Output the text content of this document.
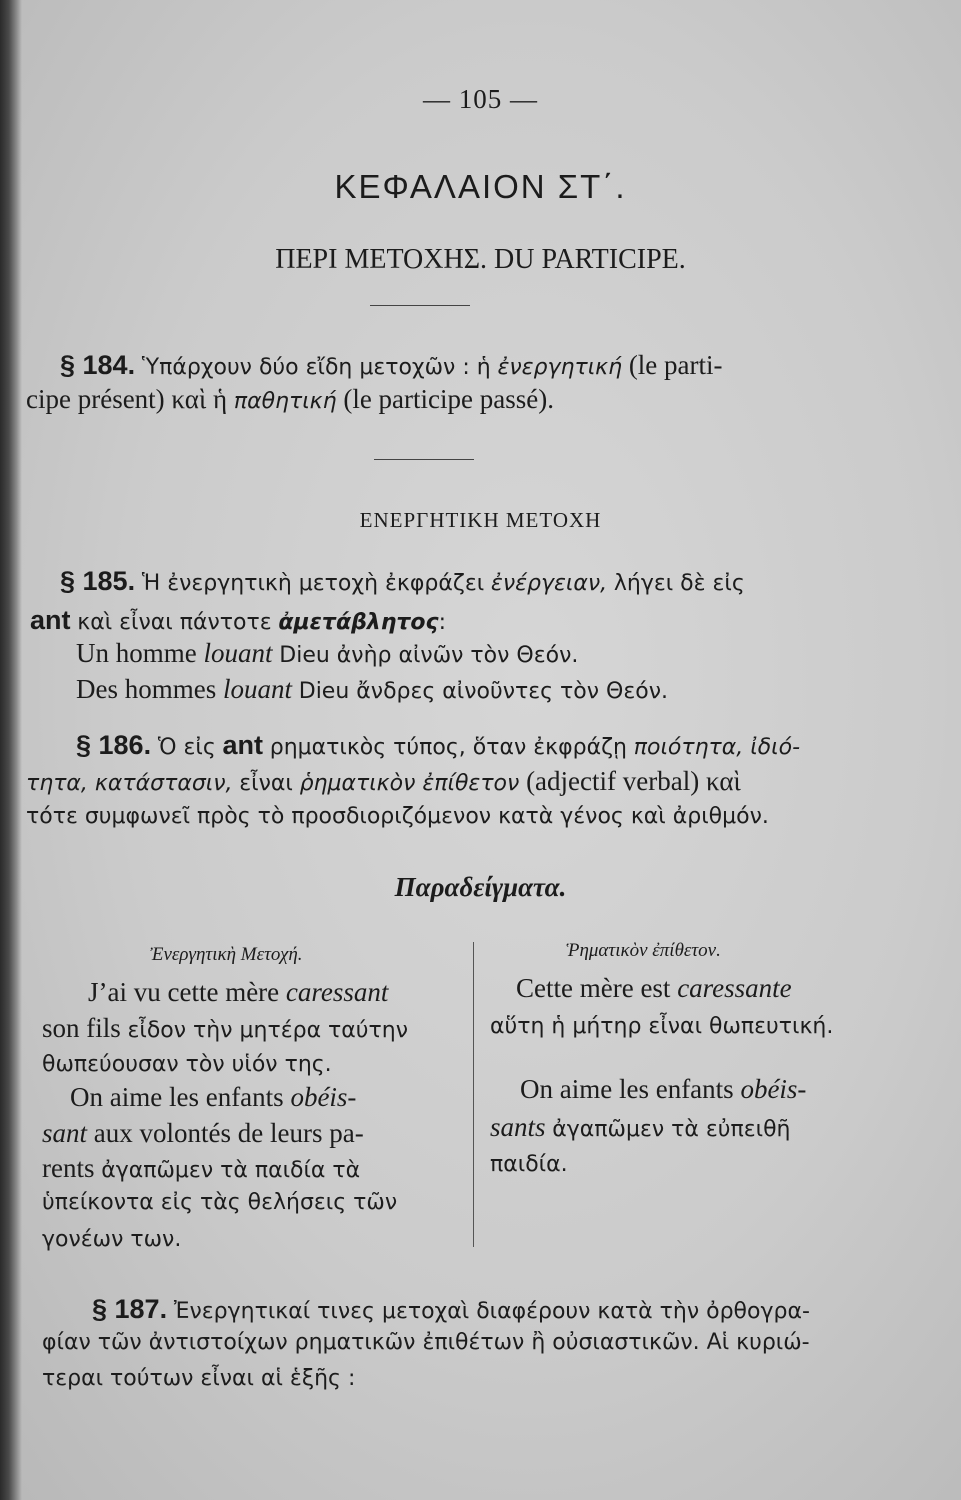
— 105 —
ΚΕΦΑΛΑΙΟΝ ΣΤ΄.
ΠΕΡΙ ΜΕΤΟΧΗΣ. DU PARTICIPE.
§ 184. Ὑπάρχουν δύο εἴδη μετοχῶν : ἡ ἐνεργητική (le parti-
cipe présent) καὶ ἡ παθητική (le participe passé).
ΕΝΕΡΓΗΤΙΚΗ ΜΕΤΟΧΗ
§ 185. Ἡ ἐνεργητικὴ μετοχὴ ἐκφράζει ἐνέργειαν, λήγει δὲ εἰς
ant καὶ εἶναι πάντοτε ἀμετάβλητος:
Un homme louant Dieu ἀνὴρ αἰνῶν τὸν Θεόν.
Des hommes louant Dieu ἄνδρες αἰνοῦντες τὸν Θεόν.
§ 186. Ὁ εἰς ant ρηματικὸς τύπος, ὅταν ἐκφράζῃ ποιότητα, ἰδιό-
τητα, κατάστασιν, εἶναι ῥηματικὸν ἐπίθετον (adjectif verbal) καὶ
τότε συμφωνεῖ πρὸς τὸ προσδιοριζόμενον κατὰ γένος καὶ ἀριθμόν.
Παραδείγματα.
Ἐνεργητικὴ Μετοχή.
J’ai vu cette mère caressant
son fils εἶδον τὴν μητέρα ταύτην
θωπεύουσαν τὸν υἱόν της.
On aime les enfants obéis-
sant aux volontés de leurs pa-
rents ἀγαπῶμεν τὰ παιδία τὰ
ὑπείκοντα εἰς τὰς θελήσεις τῶν
γονέων των.
Ῥηματικὸν ἐπίθετον.
Cette mère est caressante
αὕτη ἡ μήτηρ εἶναι θωπευτική.
On aime les enfants obéis-
sants ἀγαπῶμεν τὰ εὐπειθῆ
παιδία.
§ 187. Ἐνεργητικαί τινες μετοχαὶ διαφέρουν κατὰ τὴν ὀρθογρα-
φίαν τῶν ἀντιστοίχων ρηματικῶν ἐπιθέτων ἢ οὐσιαστικῶν. Αἱ κυριώ-
τεραι τούτων εἶναι αἱ ἑξῆς :
